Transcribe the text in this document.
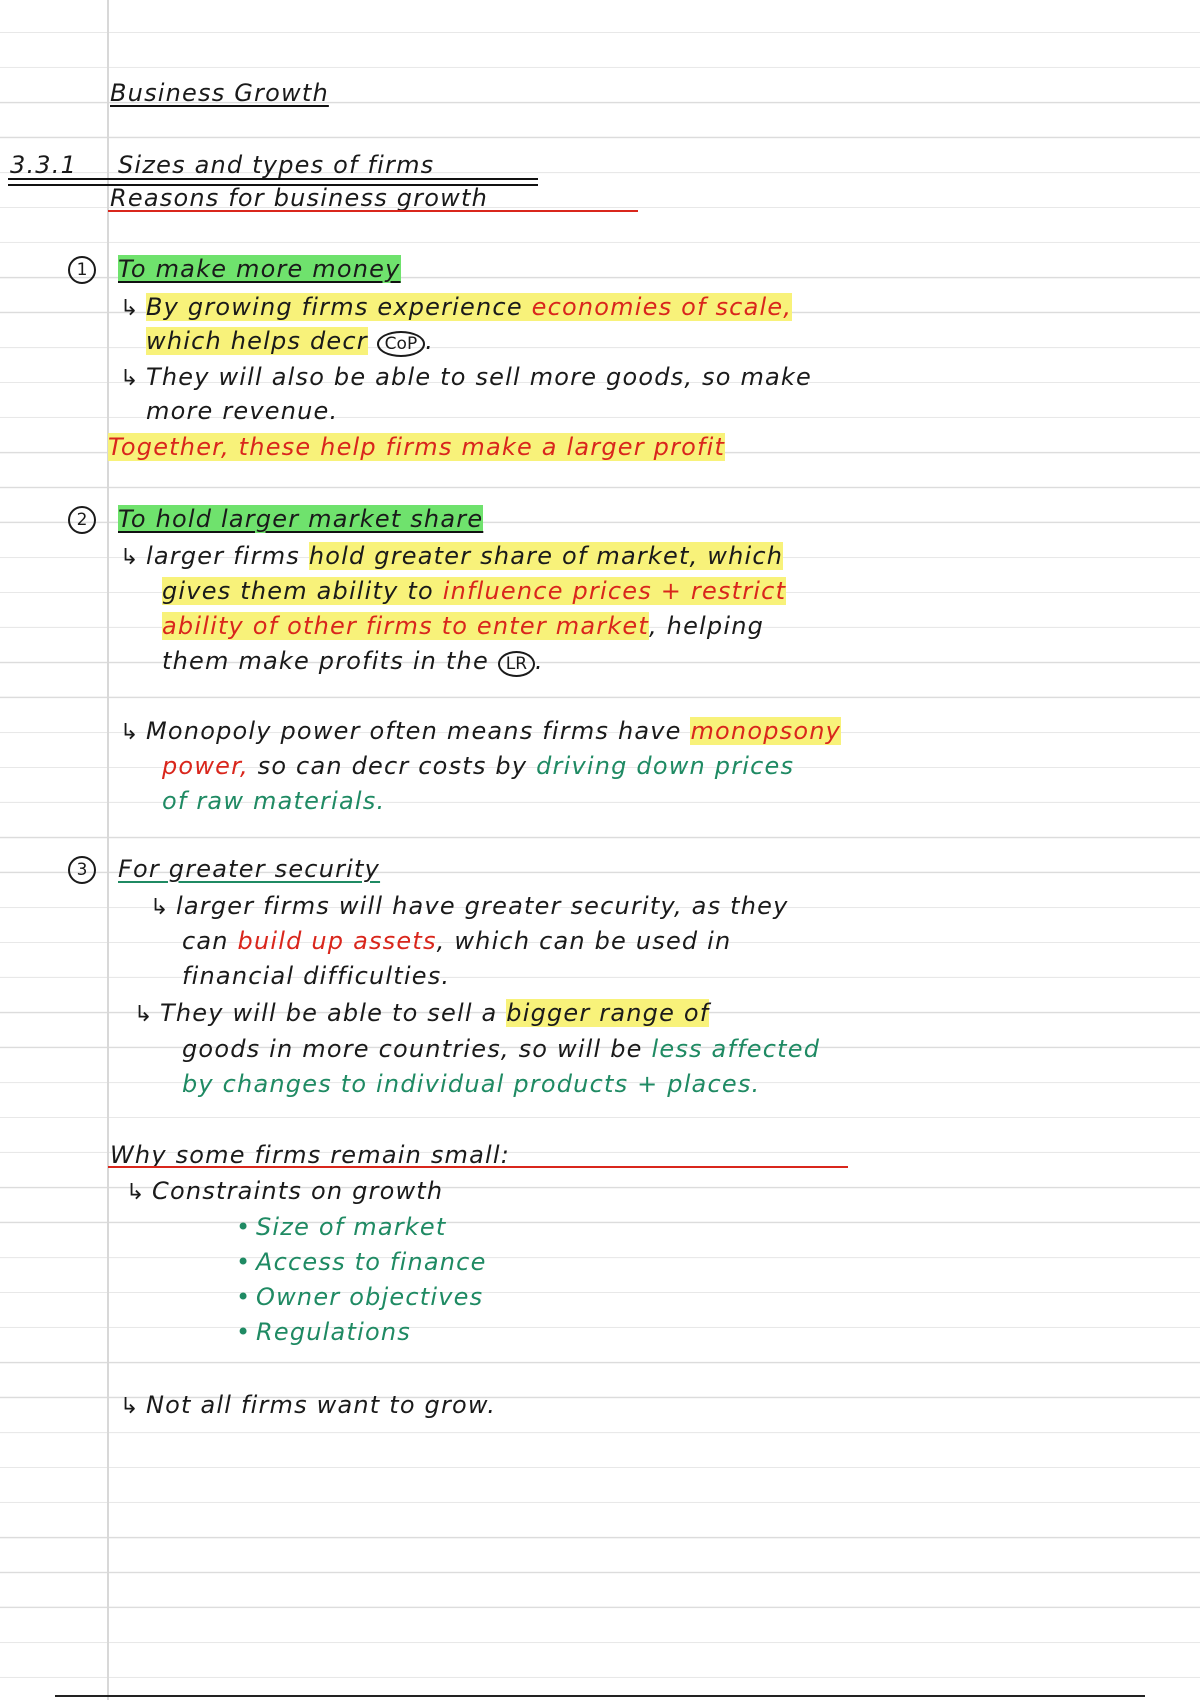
Business Growth
3.3.1 Sizes and types of firms
Reasons for business growth
1	To make more money
↳ By growing firms experience economies of scale,
which helps decr CoP .
↳ They will also be able to sell more goods, so make
more revenue.
Together, these help firms make a larger profit
2	To hold larger market share
↳ larger firms hold greater share of market, which
gives them ability to influence prices + restrict
ability of other firms to enter market, helping
them make profits in the LR .
↳ Monopoly power often means firms have monopsony
power, so can decr costs by driving down prices
of raw materials.
3	For greater security
↳ larger firms will have greater security, as they
can build up assets, which can be used in
financial difficulties.
↳ They will be able to sell a bigger range of
goods in more countries, so will be less affected
by changes to individual products + places.
Why some firms remain small:
↳ Constraints on growth
• Size of market
• Access to finance
• Owner objectives
• Regulations
↳ Not all firms want to grow.
